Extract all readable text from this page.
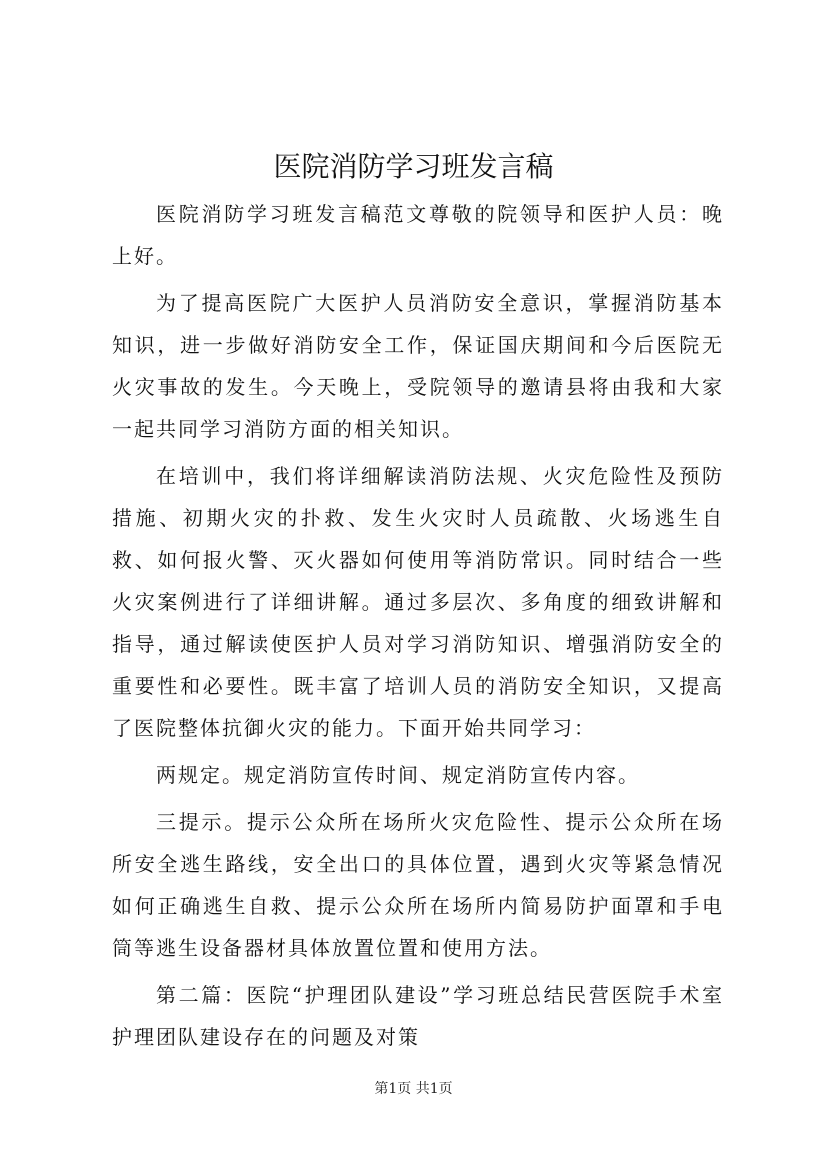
医院消防学习班发言稿

医院消防学习班发言稿范文尊敬的院领导和医护人员：晚上好。

为了提高医院广大医护人员消防安全意识，掌握消防基本知识，进一步做好消防安全工作，保证国庆期间和今后医院无火灾事故的发生。今天晚上，受院领导的邀请县将由我和大家一起共同学习消防方面的相关知识。

在培训中，我们将详细解读消防法规、火灾危险性及预防措施、初期火灾的扑救、发生火灾时人员疏散、火场逃生自救、如何报火警、灭火器如何使用等消防常识。同时结合一些火灾案例进行了详细讲解。通过多层次、多角度的细致讲解和指导，通过解读使医护人员对学习消防知识、增强消防安全的重要性和必要性。既丰富了培训人员的消防安全知识，又提高了医院整体抗御火灾的能力。下面开始共同学习：

两规定。规定消防宣传时间、规定消防宣传内容。

三提示。提示公众所在场所火灾危险性、提示公众所在场所安全逃生路线，安全出口的具体位置，遇到火灾等紧急情况如何正确逃生自救、提示公众所在场所内简易防护面罩和手电筒等逃生设备器材具体放置位置和使用方法。

第二篇：医院“护理团队建设”学习班总结民营医院手术室护理团队建设存在的问题及对策

第1页 共1页
